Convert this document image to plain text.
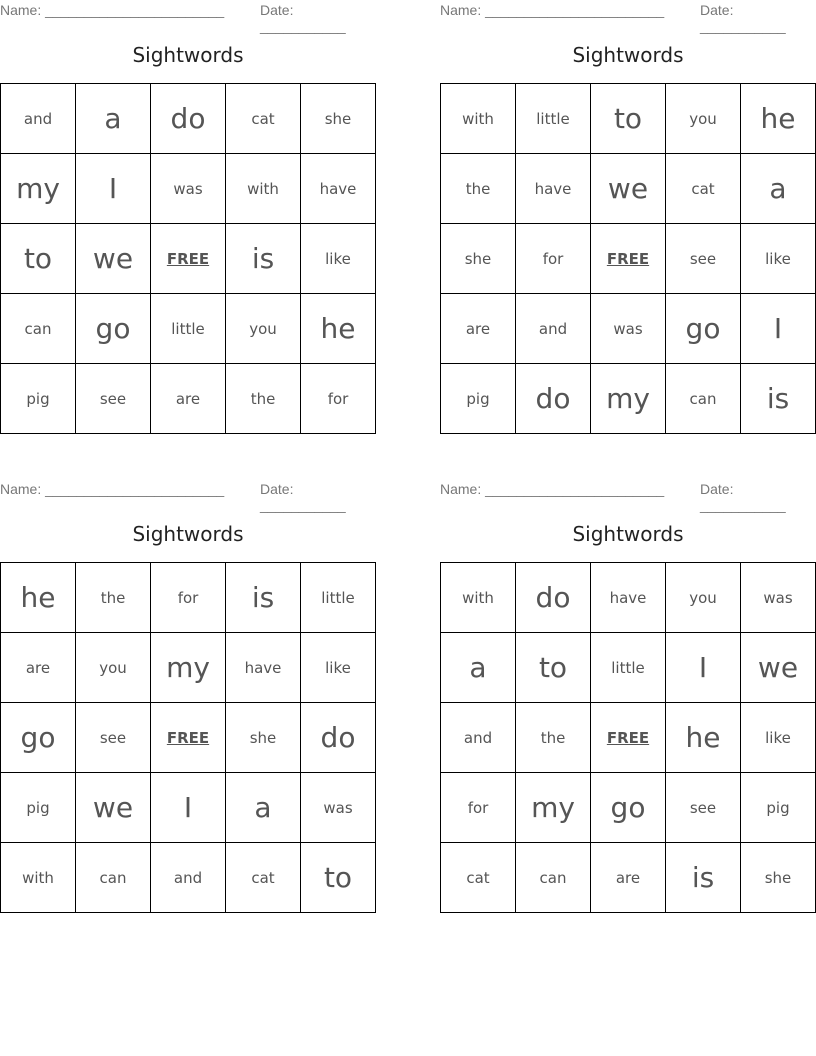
Name: _______________________	Date: ___________
Sightwords
and	a	do	cat	she
my	I	was	with	have
to	we	FREE	is	like
can	go	little	you	he
pig	see	are	the	for
Name: _______________________	Date: ___________
Sightwords
with	little	to	you	he
the	have	we	cat	a
she	for	FREE	see	like
are	and	was	go	I
pig	do	my	can	is
Name: _______________________	Date: ___________
Sightwords
he	the	for	is	little
are	you	my	have	like
go	see	FREE	she	do
pig	we	I	a	was
with	can	and	cat	to
Name: _______________________	Date: ___________
Sightwords
with	do	have	you	was
a	to	little	I	we
and	the	FREE	he	like
for	my	go	see	pig
cat	can	are	is	she
